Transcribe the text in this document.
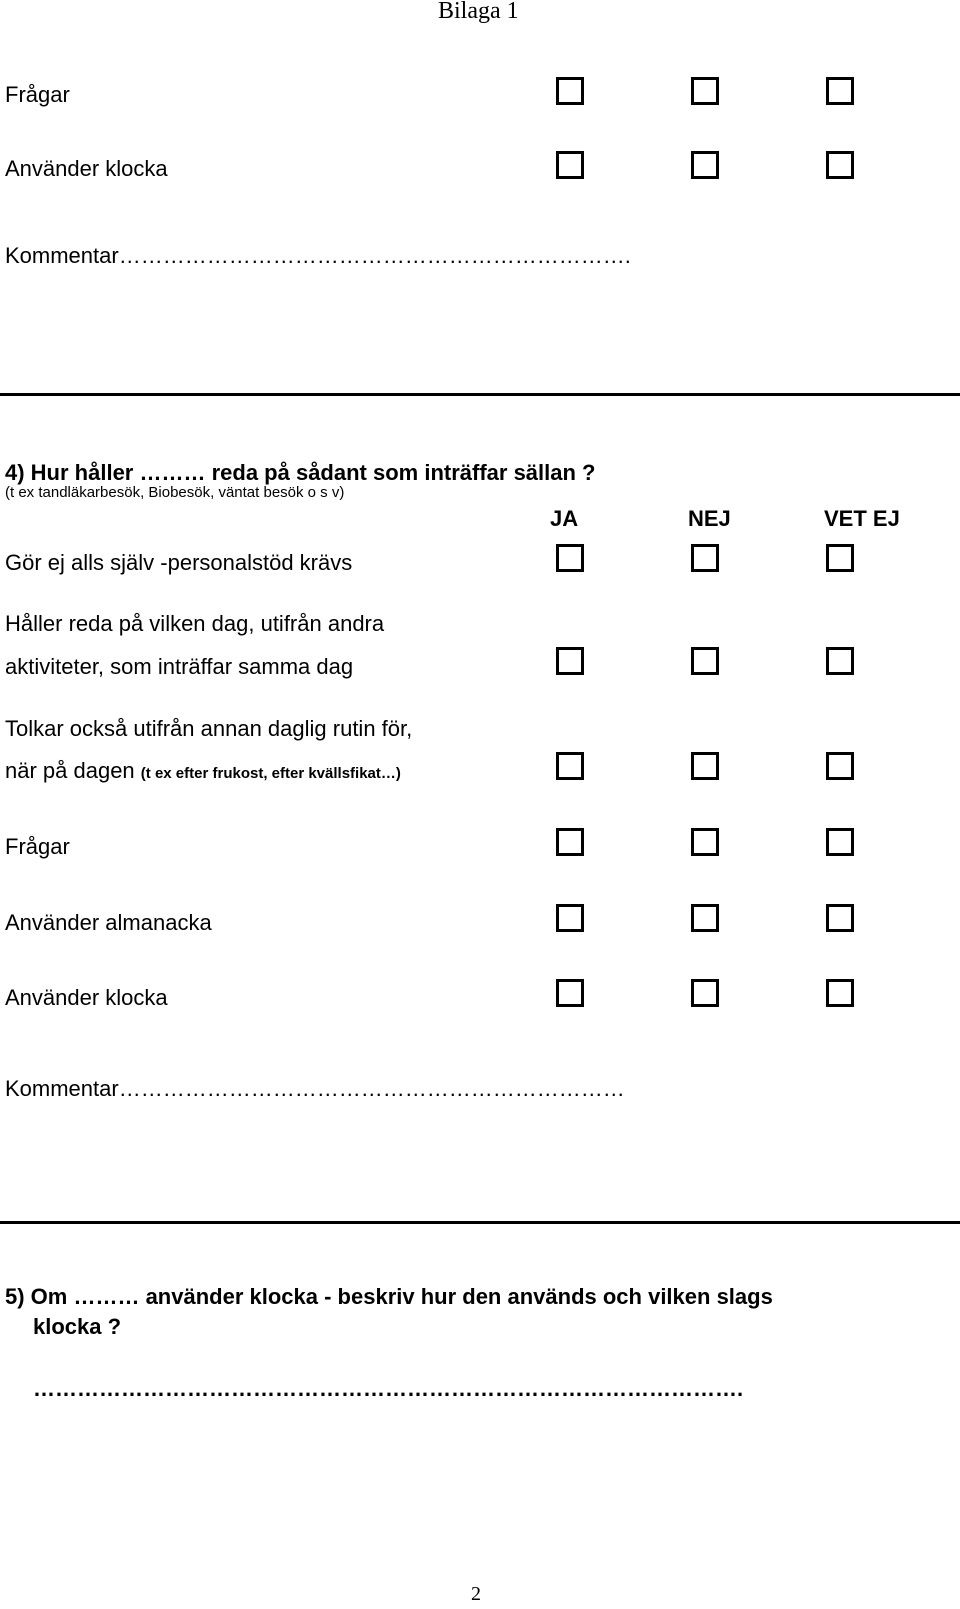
Bilaga 1
Frågar
Använder klocka
Kommentar…………………………………………………………….
4) Hur håller ……… reda på sådant som inträffar sällan ?
(t ex tandläkarbesök, Biobesök, väntat besök o s v)
JA	NEJ	VET EJ
Gör ej alls själv -personalstöd krävs
Håller reda på vilken dag, utifrån andra
aktiviteter, som inträffar samma dag
Tolkar också utifrån annan daglig rutin för,
när på dagen (t ex efter frukost, efter kvällsfikat…)
Frågar
Använder almanacka
Använder klocka
Kommentar……………………………………………………………
5) Om ……… använder klocka - beskriv hur den används och vilken slags
klocka ?
…………………………………………………………………………………….
2
